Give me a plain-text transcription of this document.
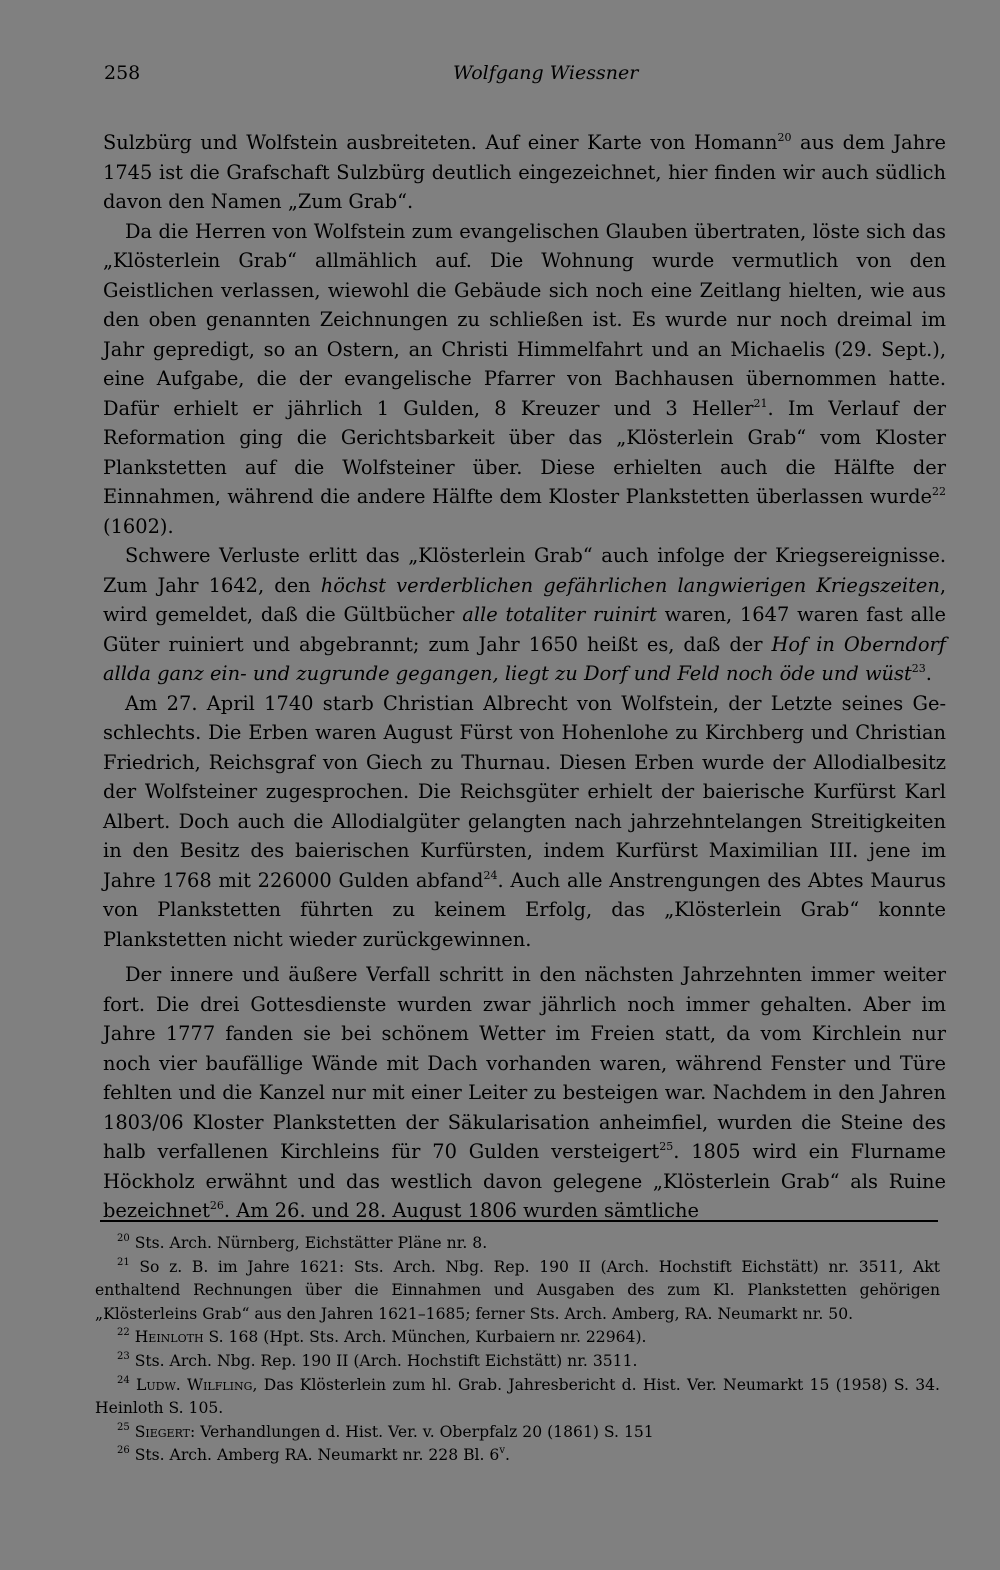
258	Wolfgang Wiessner

Sulzbürg und Wolfstein ausbreiteten. Auf einer Karte von Homann$^{20}$ aus dem Jahre 1745 ist die Grafschaft Sulzbürg deutlich eingezeichnet, hier finden wir auch südlich davon den Namen „Zum Grab“.

Da die Herren von Wolfstein zum evangelischen Glauben übertraten, löste sich das „Klösterlein Grab“ allmählich auf. Die Wohnung wurde vermutlich von den Geistlichen verlassen, wiewohl die Gebäude sich noch eine Zeitlang hielten, wie aus den oben genannten Zeichnungen zu schließen ist. Es wurde nur noch dreimal im Jahr gepredigt, so an Ostern, an Christi Himmelfahrt und an Michaelis (29. Sept.), eine Aufgabe, die der evangelische Pfarrer von Bachhausen übernommen hatte. Dafür erhielt er jährlich 1 Gulden, 8 Kreuzer und 3 Heller$^{21}$. Im Verlauf der Reformation ging die Gerichtsbarkeit über das „Klösterlein Grab“ vom Kloster Plankstetten auf die Wolfsteiner über. Diese erhielten auch die Hälfte der Einnahmen, während die andere Hälfte dem Kloster Plankstetten überlassen wurde$^{22}$ (1602).

Schwere Verluste erlitt das „Klösterlein Grab“ auch infolge der Kriegsereignisse. Zum Jahr 1642, den höchst verderblichen gefährlichen langwierigen Kriegszeiten, wird gemeldet, daß die Gültbücher alle totaliter ruinirt waren, 1647 waren fast alle Güter ruiniert und abgebrannt; zum Jahr 1650 heißt es, daß der Hof in Oberndorf allda ganz ein- und zugrunde gegangen, liegt zu Dorf und Feld noch öde und wüst$^{23}$.

Am 27. April 1740 starb Christian Albrecht von Wolfstein, der Letzte seines Geschlechts. Die Erben waren August Fürst von Hohenlohe zu Kirchberg und Christian Friedrich, Reichsgraf von Giech zu Thurnau. Diesen Erben wurde der Allodialbesitz der Wolfsteiner zugesprochen. Die Reichsgüter erhielt der baierische Kurfürst Karl Albert. Doch auch die Allodialgüter gelangten nach jahrzehntelangen Streitigkeiten in den Besitz des baierischen Kurfürsten, indem Kurfürst Maximilian III. jene im Jahre 1768 mit 226000 Gulden abfand$^{24}$. Auch alle Anstrengungen des Abtes Maurus von Plankstetten führten zu keinem Erfolg, das „Klösterlein Grab“ konnte Plankstetten nicht wieder zurückgewinnen.

Der innere und äußere Verfall schritt in den nächsten Jahrzehnten immer weiter fort. Die drei Gottesdienste wurden zwar jährlich noch immer gehalten. Aber im Jahre 1777 fanden sie bei schönem Wetter im Freien statt, da vom Kirchlein nur noch vier baufällige Wände mit Dach vorhanden waren, während Fenster und Türe fehlten und die Kanzel nur mit einer Leiter zu besteigen war. Nachdem in den Jahren 1803/06 Kloster Plankstetten der Säkularisation anheimfiel, wurden die Steine des halb verfallenen Kirchleins für 70 Gulden versteigert$^{25}$. 1805 wird ein Flurname Höckholz erwähnt und das westlich davon gelegene „Klösterlein Grab“ als Ruine bezeichnet$^{26}$. Am 26. und 28. August 1806 wurden sämtliche

$^{20}$ Sts. Arch. Nürnberg, Eichstätter Pläne nr. 8.

$^{21}$ So z. B. im Jahre 1621: Sts. Arch. Nbg. Rep. 190 II (Arch. Hochstift Eichstätt) nr. 3511, Akt enthaltend Rechnungen über die Einnahmen und Ausgaben des zum Kl. Plankstetten gehörigen „Klösterleins Grab“ aus den Jahren 1621–1685; ferner Sts. Arch. Amberg, RA. Neumarkt nr. 50.

$^{22}$ Heinloth S. 168 (Hpt. Sts. Arch. München, Kurbaiern nr. 22964).

$^{23}$ Sts. Arch. Nbg. Rep. 190 II (Arch. Hochstift Eichstätt) nr. 3511.

$^{24}$ Ludw. Wilfling, Das Klösterlein zum hl. Grab. Jahresbericht d. Hist. Ver. Neumarkt 15 (1958) S. 34. Heinloth S. 105.

$^{25}$ Siegert: Verhandlungen d. Hist. Ver. v. Oberpfalz 20 (1861) S. 151

$^{26}$ Sts. Arch. Amberg RA. Neumarkt nr. 228 Bl. 6$^v$.
